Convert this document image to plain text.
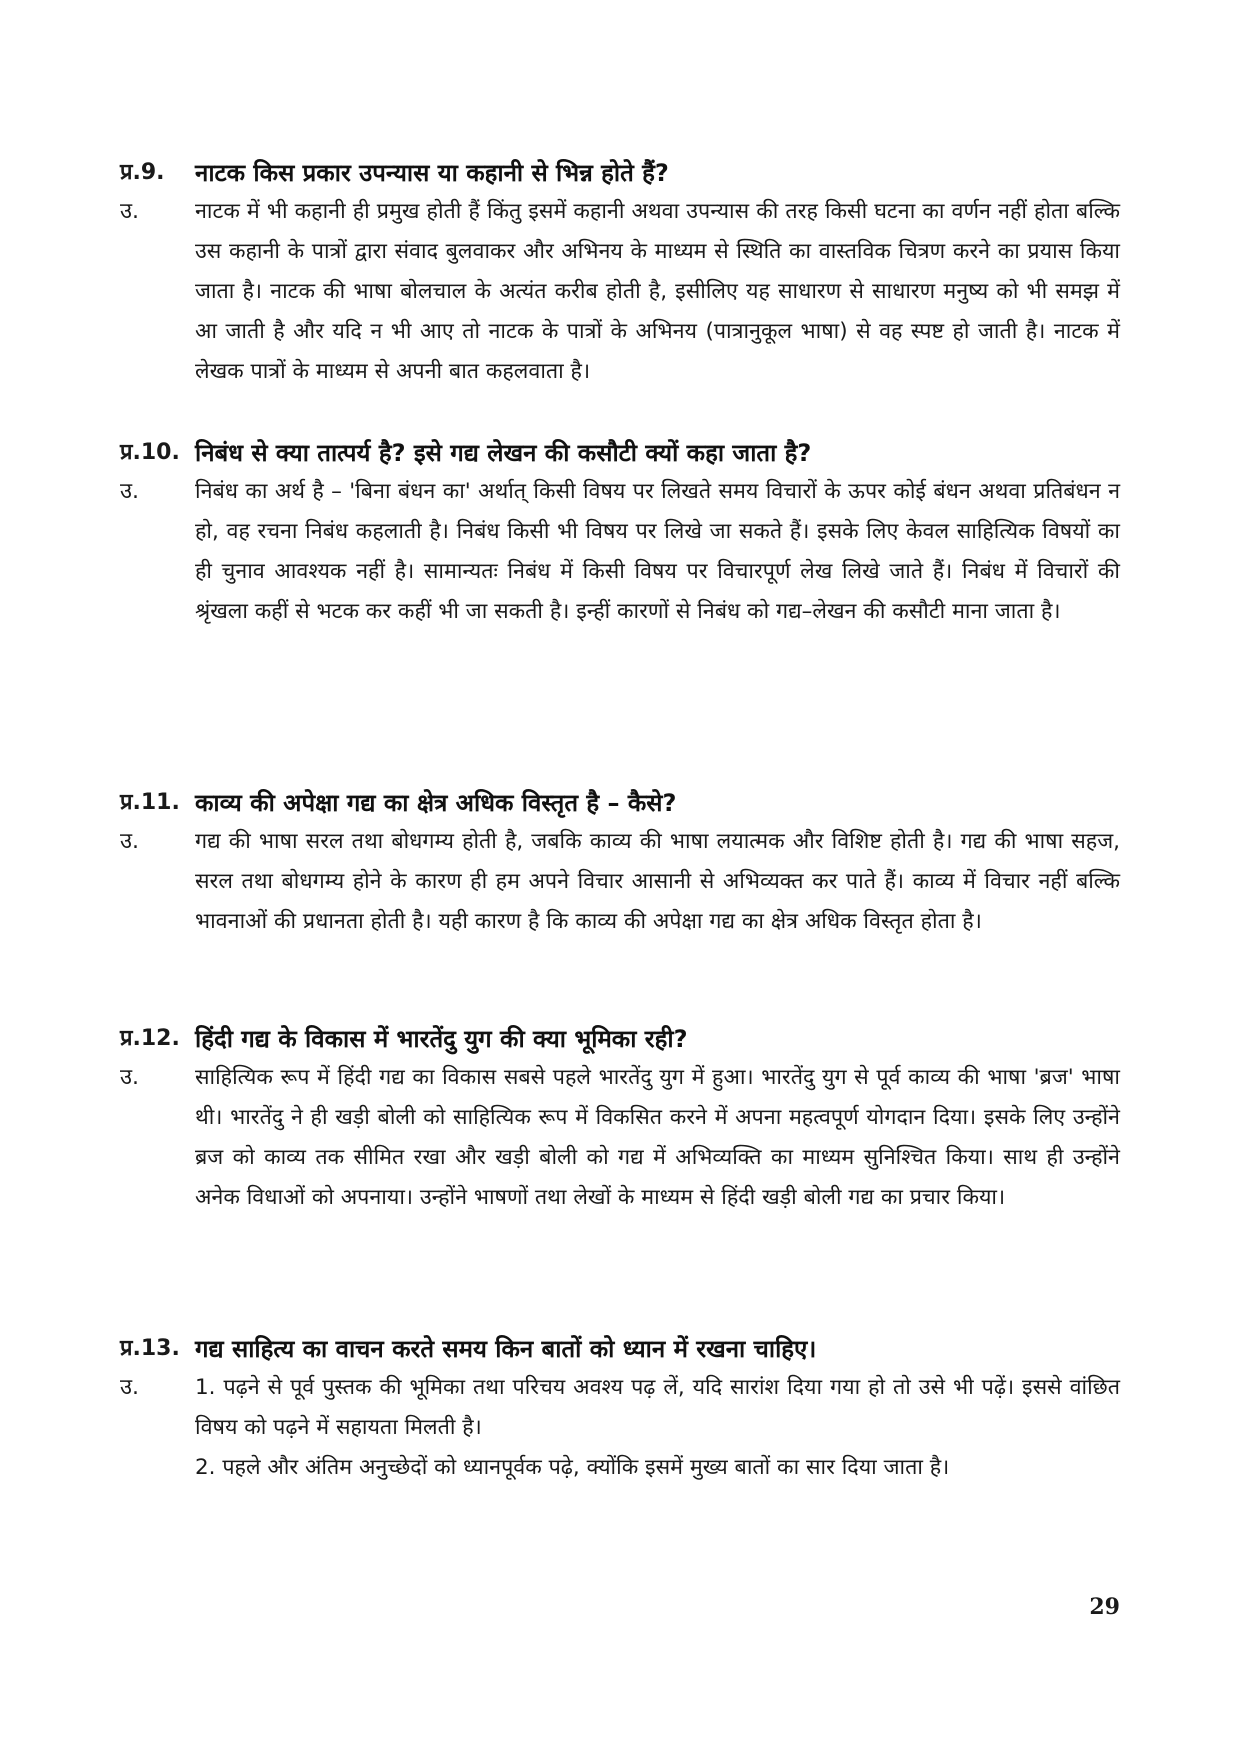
प्र.9.	नाटक किस प्रकार उपन्यास या कहानी से भिन्न होते हैं?
उ.	नाटक में भी कहानी ही प्रमुख होती हैं किंतु इसमें कहानी अथवा उपन्यास की तरह किसी घटना का वर्णन नहीं होता बल्कि उस कहानी के पात्रों द्वारा संवाद बुलवाकर और अभिनय के माध्यम से स्थिति का वास्तविक चित्रण करने का प्रयास किया जाता है। नाटक की भाषा बोलचाल के अत्यंत करीब होती है, इसीलिए यह साधारण से साधारण मनुष्य को भी समझ में आ जाती है और यदि न भी आए तो नाटक के पात्रों के अभिनय (पात्रानुकूल भाषा) से वह स्पष्ट हो जाती है। नाटक में लेखक पात्रों के माध्यम से अपनी बात कहलवाता है।

प्र.10. निबंध से क्या तात्पर्य है? इसे गद्य लेखन की कसौटी क्यों कहा जाता है?
उ.	निबंध का अर्थ है – 'बिना बंधन का' अर्थात् किसी विषय पर लिखते समय विचारों के ऊपर कोई बंधन अथवा प्रतिबंधन न हो, वह रचना निबंध कहलाती है। निबंध किसी भी विषय पर लिखे जा सकते हैं। इसके लिए केवल साहित्यिक विषयों का ही चुनाव आवश्यक नहीं है। सामान्यतः निबंध में किसी विषय पर विचारपूर्ण लेख लिखे जाते हैं। निबंध में विचारों की श्रृंखला कहीं से भटक कर कहीं भी जा सकती है। इन्हीं कारणों से निबंध को गद्य–लेखन की कसौटी माना जाता है।

प्र.11. काव्य की अपेक्षा गद्य का क्षेत्र अधिक विस्तृत है – कैसे?
उ.	गद्य की भाषा सरल तथा बोधगम्य होती है, जबकि काव्य की भाषा लयात्मक और विशिष्ट होती है। गद्य की भाषा सहज, सरल तथा बोधगम्य होने के कारण ही हम अपने विचार आसानी से अभिव्यक्त कर पाते हैं। काव्य में विचार नहीं बल्कि भावनाओं की प्रधानता होती है। यही कारण है कि काव्य की अपेक्षा गद्य का क्षेत्र अधिक विस्तृत होता है।

प्र.12. हिंदी गद्य के विकास में भारतेंदु युग की क्या भूमिका रही?
उ.	साहित्यिक रूप में हिंदी गद्य का विकास सबसे पहले भारतेंदु युग में हुआ। भारतेंदु युग से पूर्व काव्य की भाषा 'ब्रज' भाषा थी। भारतेंदु ने ही खड़ी बोली को साहित्यिक रूप में विकसित करने में अपना महत्वपूर्ण योगदान दिया। इसके लिए उन्होंने ब्रज को काव्य तक सीमित रखा और खड़ी बोली को गद्य में अभिव्यक्ति का माध्यम सुनिश्चित किया। साथ ही उन्होंने अनेक विधाओं को अपनाया। उन्होंने भाषणों तथा लेखों के माध्यम से हिंदी खड़ी बोली गद्य का प्रचार किया।

प्र.13. गद्य साहित्य का वाचन करते समय किन बातों को ध्यान में रखना चाहिए।
उ.	1. पढ़ने से पूर्व पुस्तक की भूमिका तथा परिचय अवश्य पढ़ लें, यदि सारांश दिया गया हो तो उसे भी पढ़ें। इससे वांछित विषय को पढ़ने में सहायता मिलती है।

2. पहले और अंतिम अनुच्छेदों को ध्यानपूर्वक पढ़े, क्योंकि इसमें मुख्य बातों का सार दिया जाता है।

29
